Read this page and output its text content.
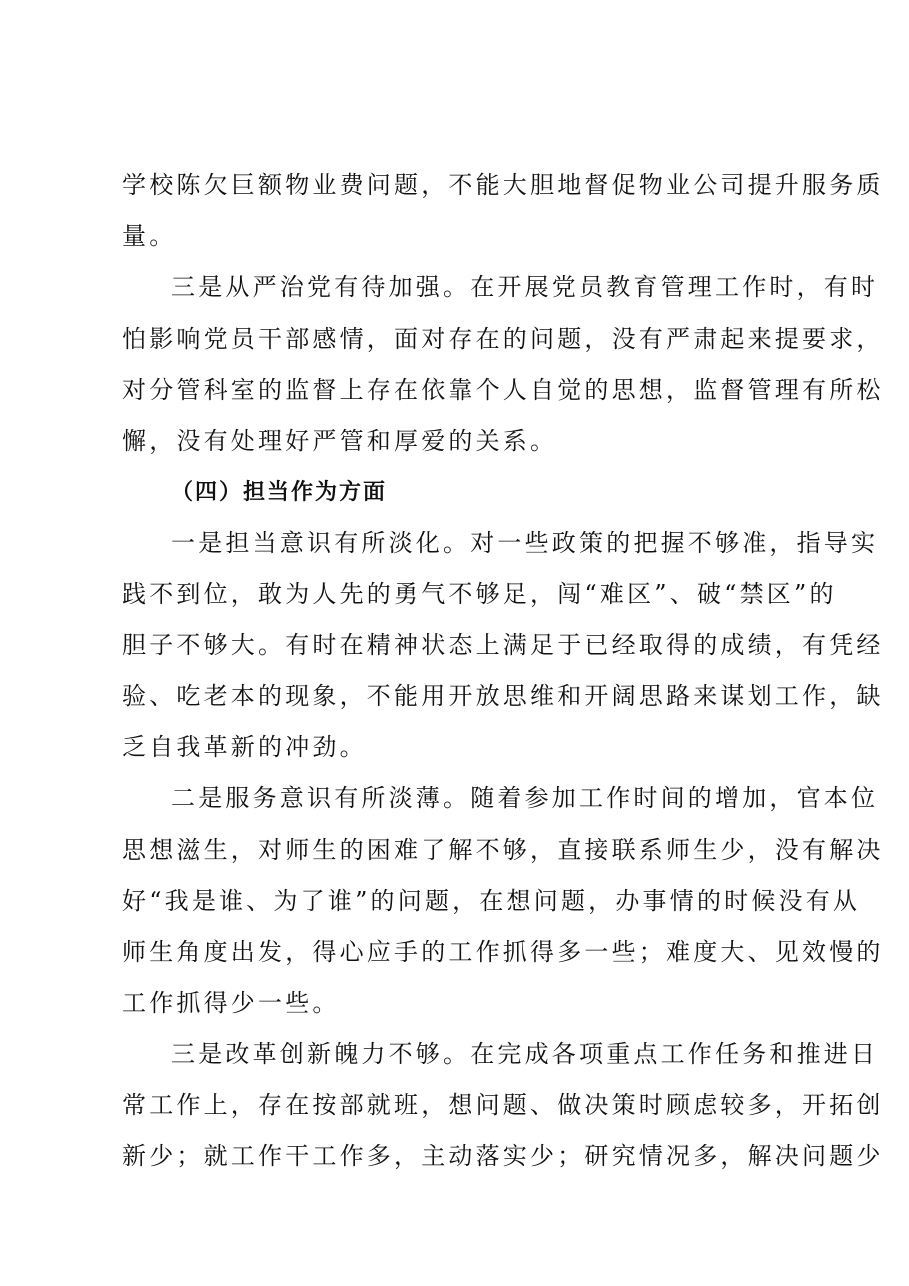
学校陈欠巨额物业费问题，不能大胆地督促物业公司提升服务质
量。
三是从严治党有待加强。在开展党员教育管理工作时，有时
怕影响党员干部感情，面对存在的问题，没有严肃起来提要求，
对分管科室的监督上存在依靠个人自觉的思想，监督管理有所松
懈，没有处理好严管和厚爱的关系。
（四）担当作为方面
一是担当意识有所淡化。对一些政策的把握不够准，指导实
践不到位，敢为人先的勇气不够足，闯“难区”、破“禁区”的
胆子不够大。有时在精神状态上满足于已经取得的成绩，有凭经
验、吃老本的现象，不能用开放思维和开阔思路来谋划工作，缺
乏自我革新的冲劲。
二是服务意识有所淡薄。随着参加工作时间的增加，官本位
思想滋生，对师生的困难了解不够，直接联系师生少，没有解决
好“我是谁、为了谁”的问题，在想问题，办事情的时候没有从
师生角度出发，得心应手的工作抓得多一些；难度大、见效慢的
工作抓得少一些。
三是改革创新魄力不够。在完成各项重点工作任务和推进日
常工作上，存在按部就班，想问题、做决策时顾虑较多，开拓创
新少；就工作干工作多，主动落实少；研究情况多，解决问题少
